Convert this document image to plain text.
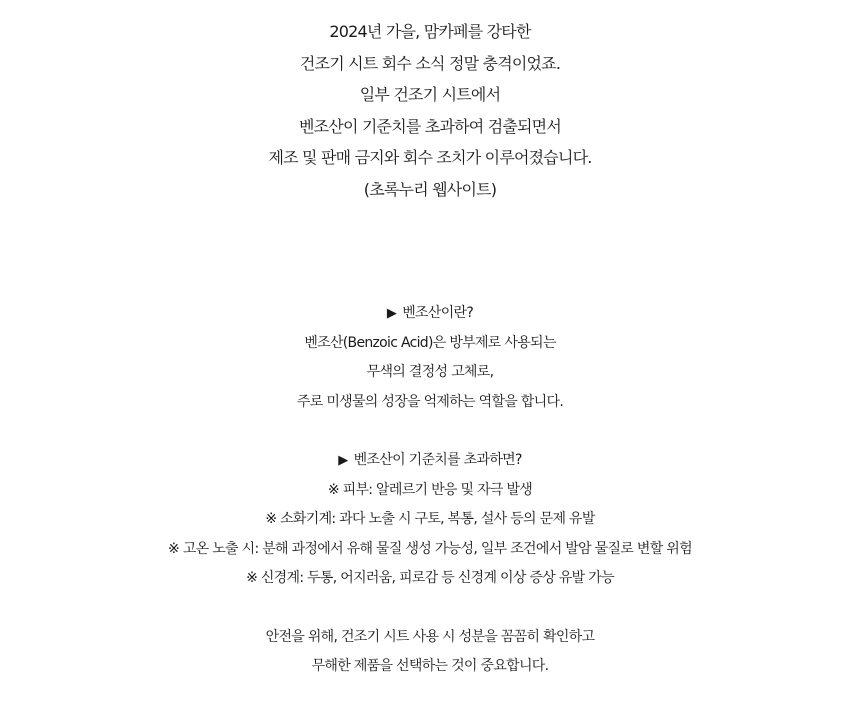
2024년 가을, 맘카페를 강타한
건조기 시트 회수 소식 정말 충격이었죠.
일부 건조기 시트에서
벤조산이 기준치를 초과하여 검출되면서
제조 및 판매 금지와 회수 조치가 이루어졌습니다.
(초록누리 웹사이트)
▶ 벤조산이란?
벤조산(Benzoic Acid)은 방부제로 사용되는
무색의 결정성 고체로,
주로 미생물의 성장을 억제하는 역할을 합니다.
▶ 벤조산이 기준치를 초과하면?
※ 피부: 알레르기 반응 및 자극 발생
※ 소화기계: 과다 노출 시 구토, 복통, 설사 등의 문제 유발
※ 고온 노출 시: 분해 과정에서 유해 물질 생성 가능성, 일부 조건에서 발암 물질로 변할 위험
※ 신경계: 두통, 어지러움, 피로감 등 신경계 이상 증상 유발 가능
안전을 위해, 건조기 시트 사용 시 성분을 꼼꼼히 확인하고
무해한 제품을 선택하는 것이 중요합니다.
